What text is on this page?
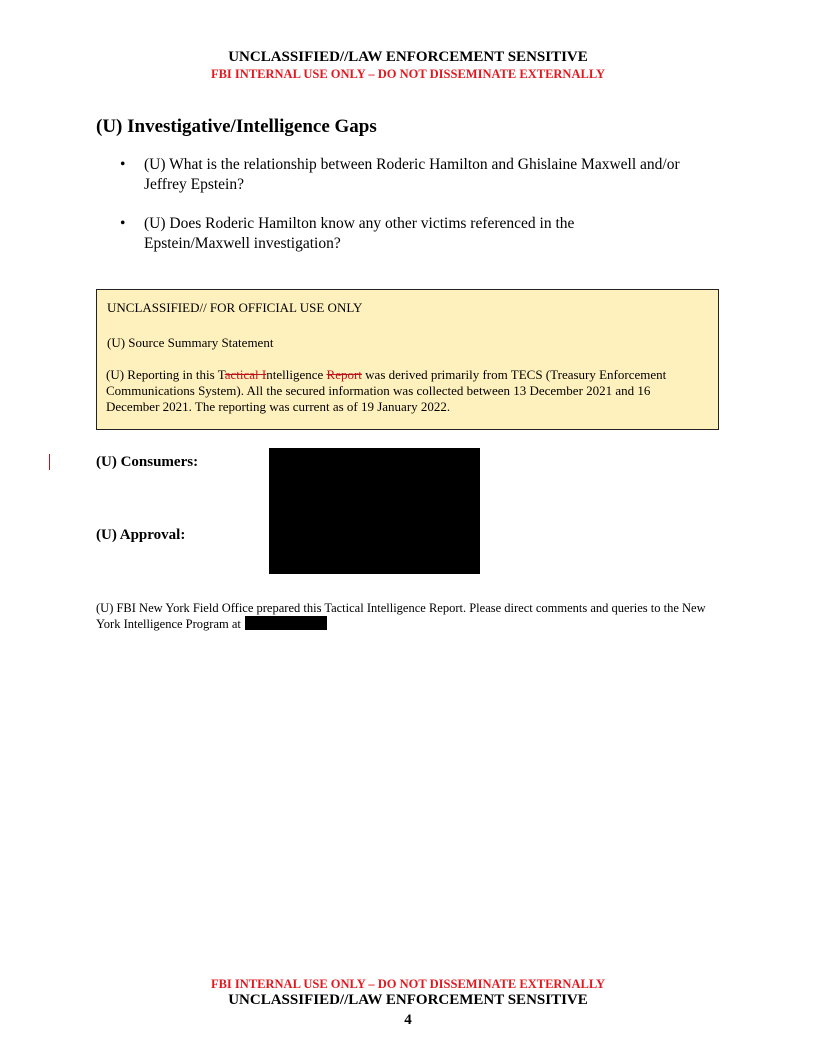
UNCLASSIFIED//LAW ENFORCEMENT SENSITIVE
FBI INTERNAL USE ONLY – DO NOT DISSEMINATE EXTERNALLY
(U) Investigative/Intelligence Gaps
• (U) What is the relationship between Roderic Hamilton and Ghislaine Maxwell and/or Jeffrey Epstein?
• (U) Does Roderic Hamilton know any other victims referenced in the Epstein/Maxwell investigation?
UNCLASSIFIED// FOR OFFICIAL USE ONLY
(U) Source Summary Statement
(U) Reporting in this Tactical Intelligence Report was derived primarily from TECS (Treasury Enforcement Communications System). All the secured information was collected between 13 December 2021 and 16 December 2021. The reporting was current as of 19 January 2022.
(U) Consumers:
(U) Approval:
(U) FBI New York Field Office prepared this Tactical Intelligence Report. Please direct comments and queries to the New York Intelligence Program at
FBI INTERNAL USE ONLY – DO NOT DISSEMINATE EXTERNALLY
UNCLASSIFIED//LAW ENFORCEMENT SENSITIVE
4
